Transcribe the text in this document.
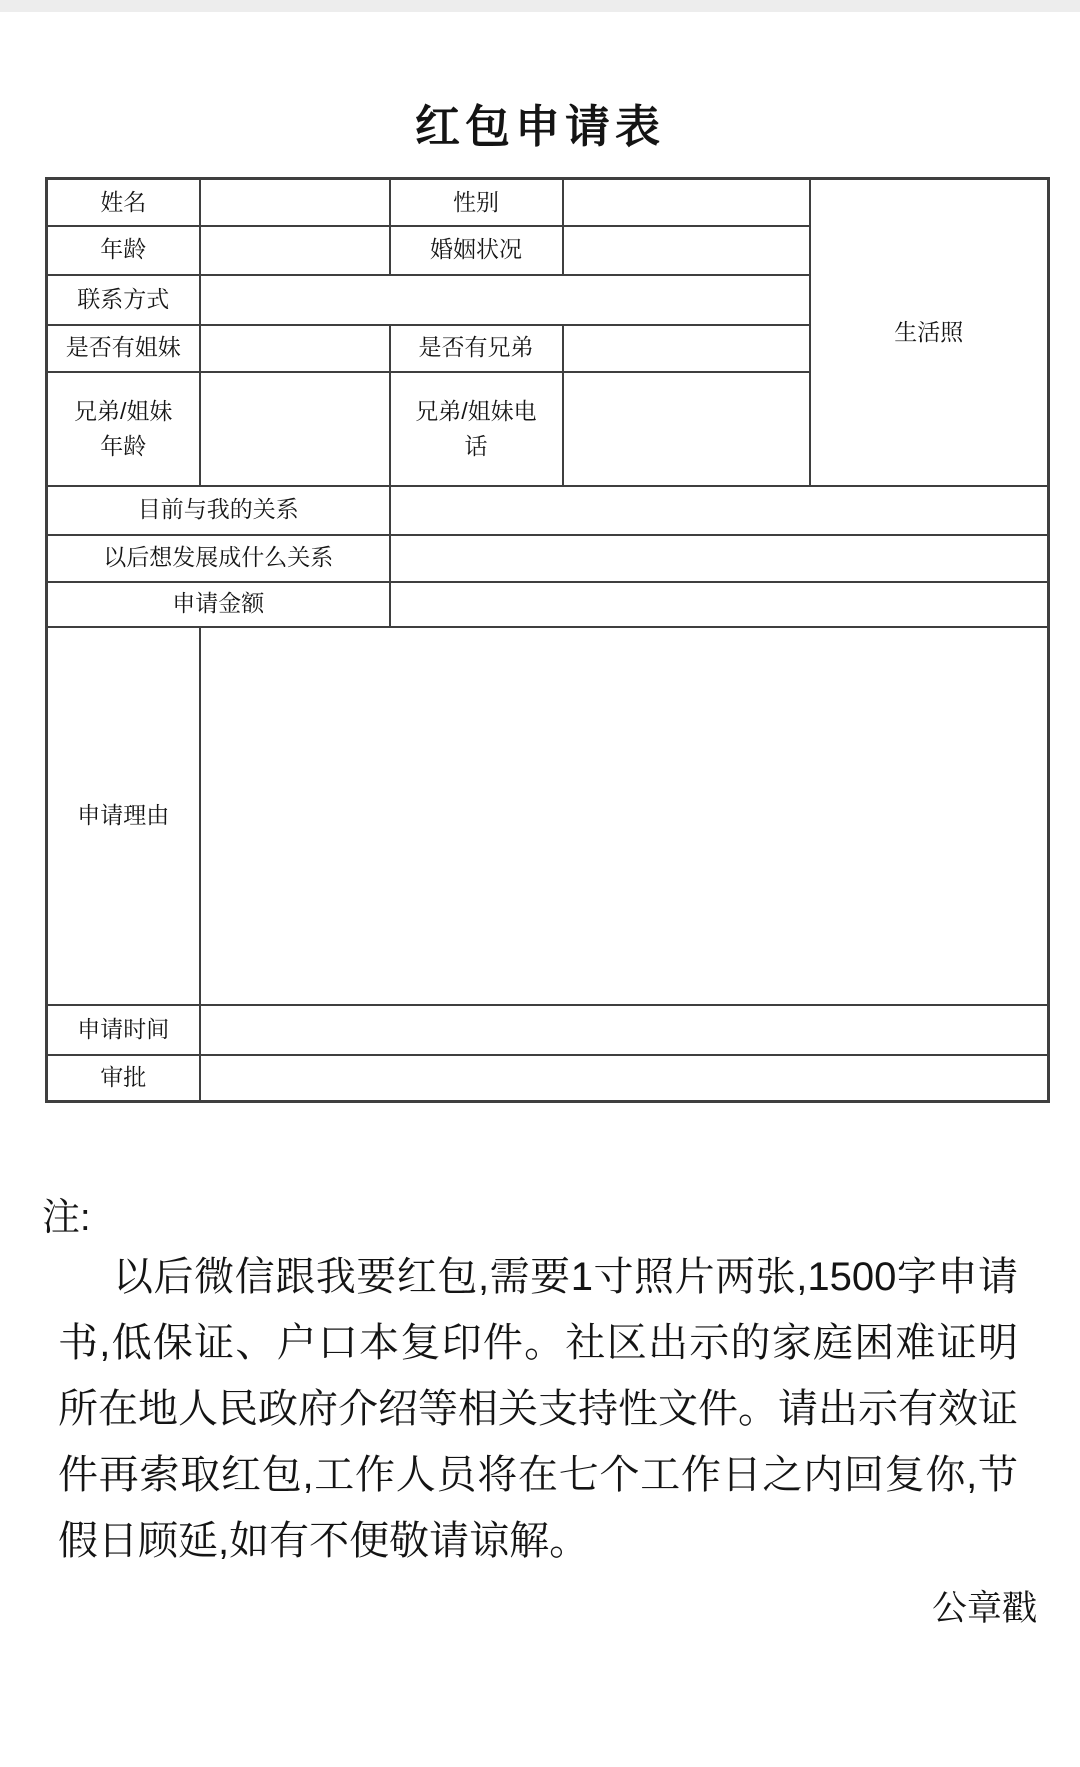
红包申请表
姓名		性别		生活照
年龄		婚姻状况		
联系方式				
是否有姐妹		是否有兄弟		
兄弟/姐妹年龄		兄弟/姐妹电话		
目前与我的关系				
以后想发展成什么关系				
申请金额				
申请理由				
申请时间				
审批				
注:
以后微信跟我要红包,需要1寸照片两张,1500字申请书,低保证、户口本复印件。社区出示的家庭困难证明所在地人民政府介绍等相关支持性文件。请出示有效证件再索取红包,工作人员将在七个工作日之内回复你,节假日顾延,如有不便敬请谅解。
公章戳
